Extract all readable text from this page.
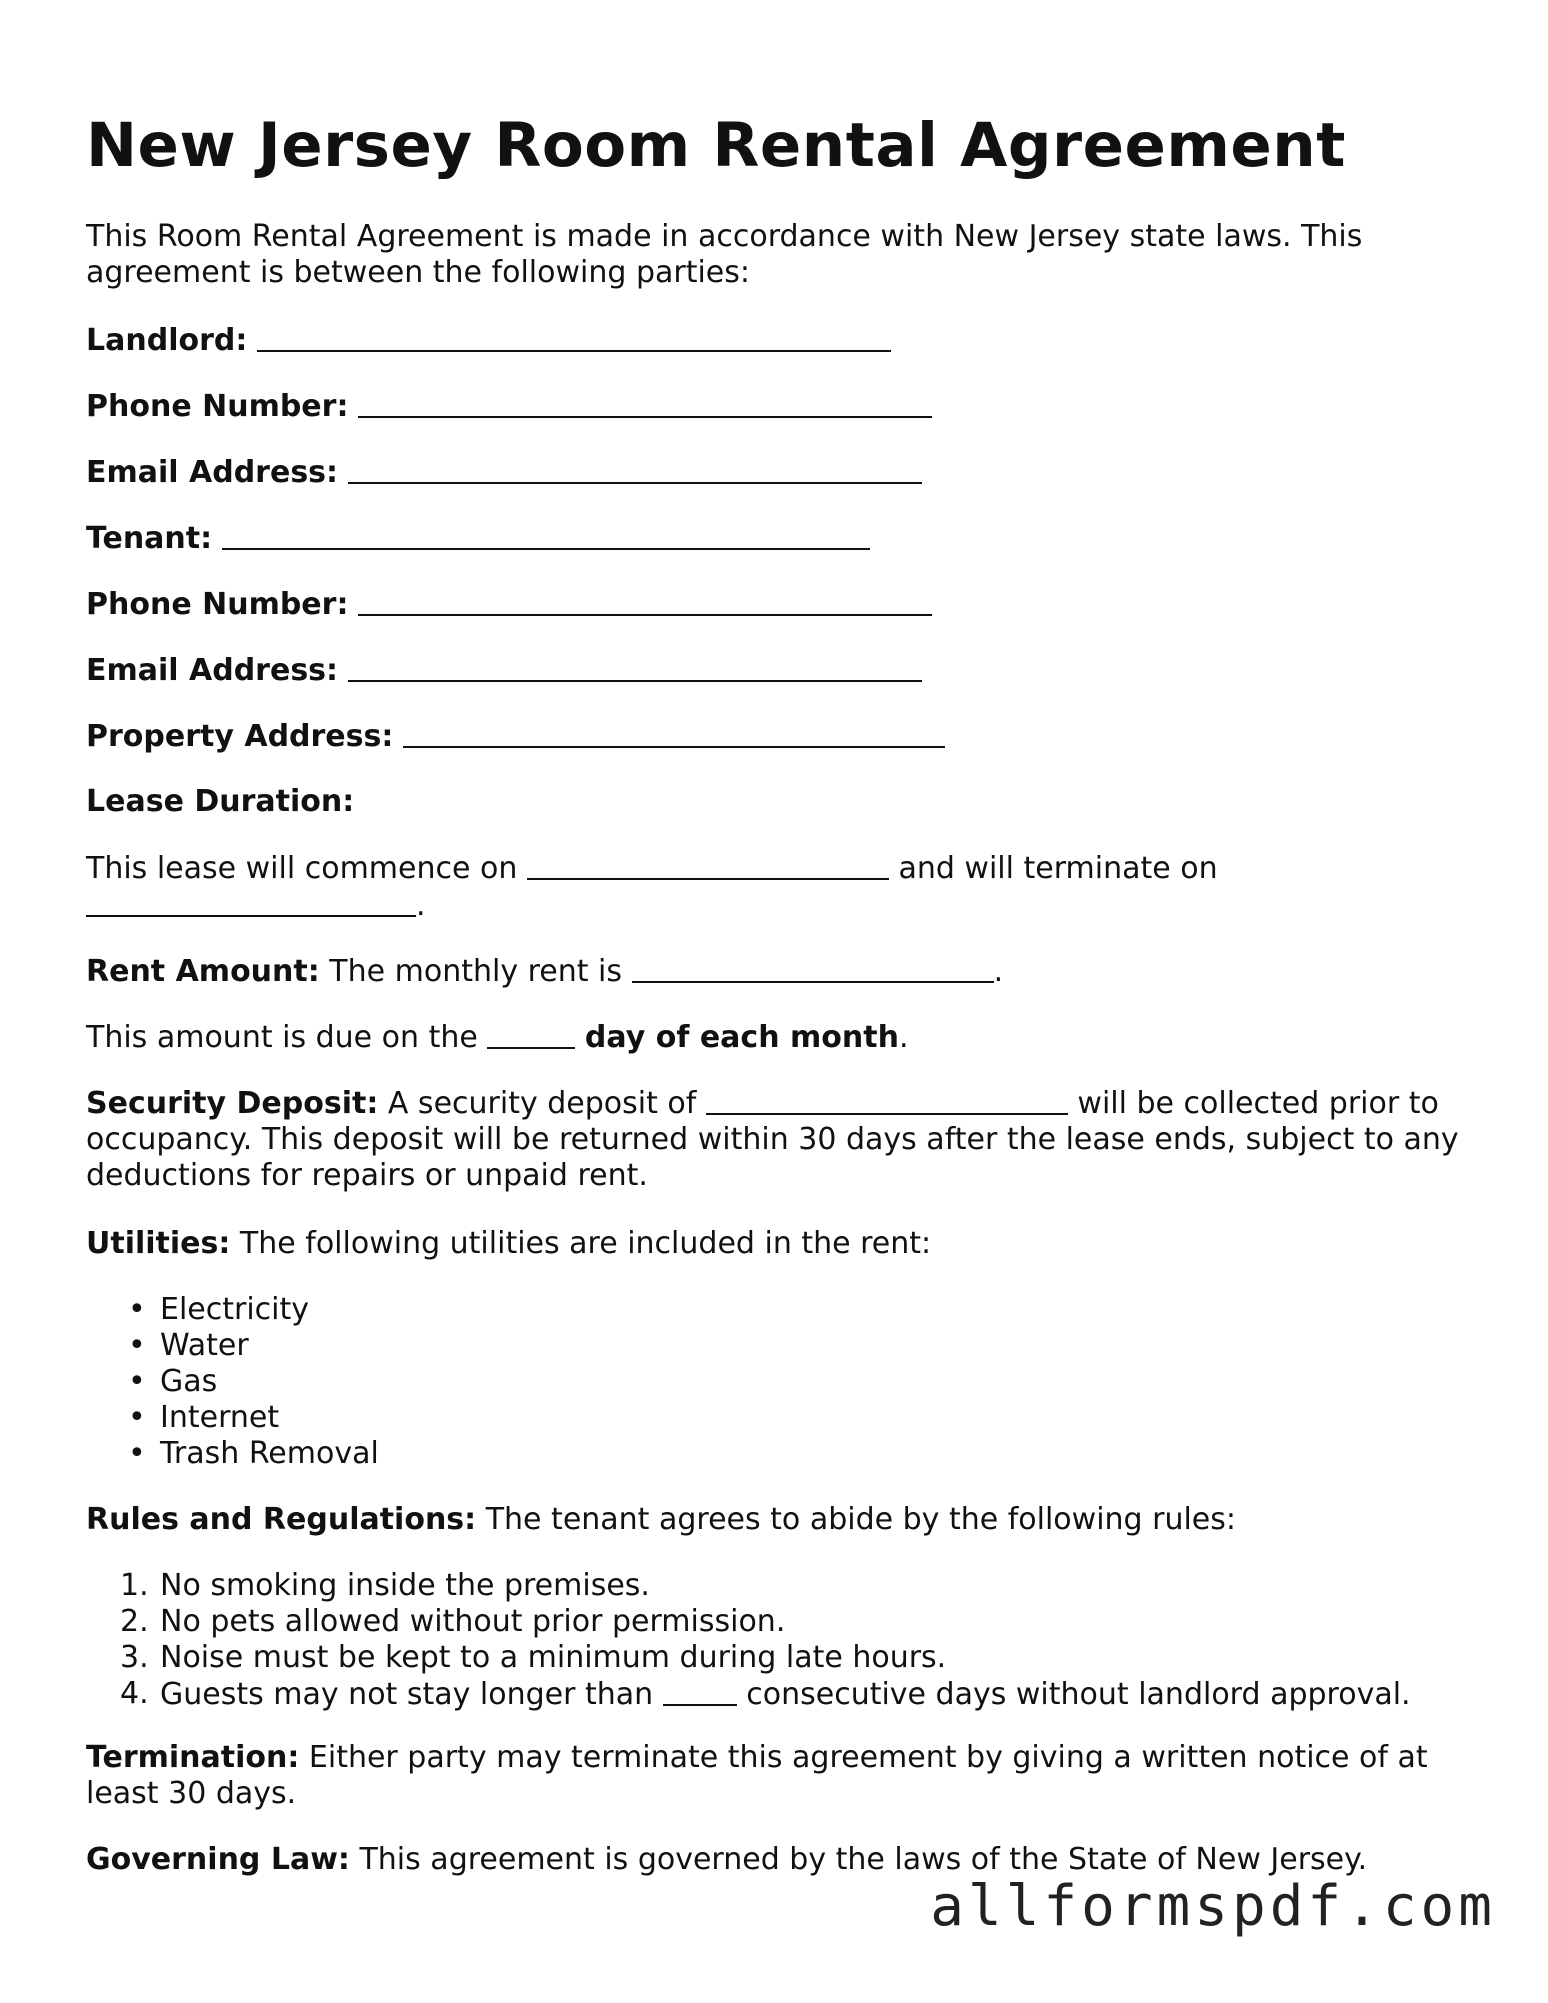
New Jersey Room Rental Agreement

This Room Rental Agreement is made in accordance with New Jersey state laws. This agreement is between the following parties:

Landlord:

Phone Number:

Email Address:

Tenant:

Phone Number:

Email Address:

Property Address:

Lease Duration:

This lease will commence on	and will terminate on
.

Rent Amount: The monthly rent is	.

This amount is due on the	day of each month.

Security Deposit: A security deposit of	will be collected prior to occupancy. This deposit will be returned within 30 days after the lease ends, subject to any deductions for repairs or unpaid rent.

Utilities: The following utilities are included in the rent:

• Electricity
• Water
• Gas
• Internet
• Trash Removal

Rules and Regulations: The tenant agrees to abide by the following rules:

1. No smoking inside the premises.
2. No pets allowed without prior permission.
3. Noise must be kept to a minimum during late hours.
4. Guests may not stay longer than	consecutive days without landlord approval.

Termination: Either party may terminate this agreement by giving a written notice of at least 30 days.

Governing Law: This agreement is governed by the laws of the State of New Jersey.

allformspdf.com
